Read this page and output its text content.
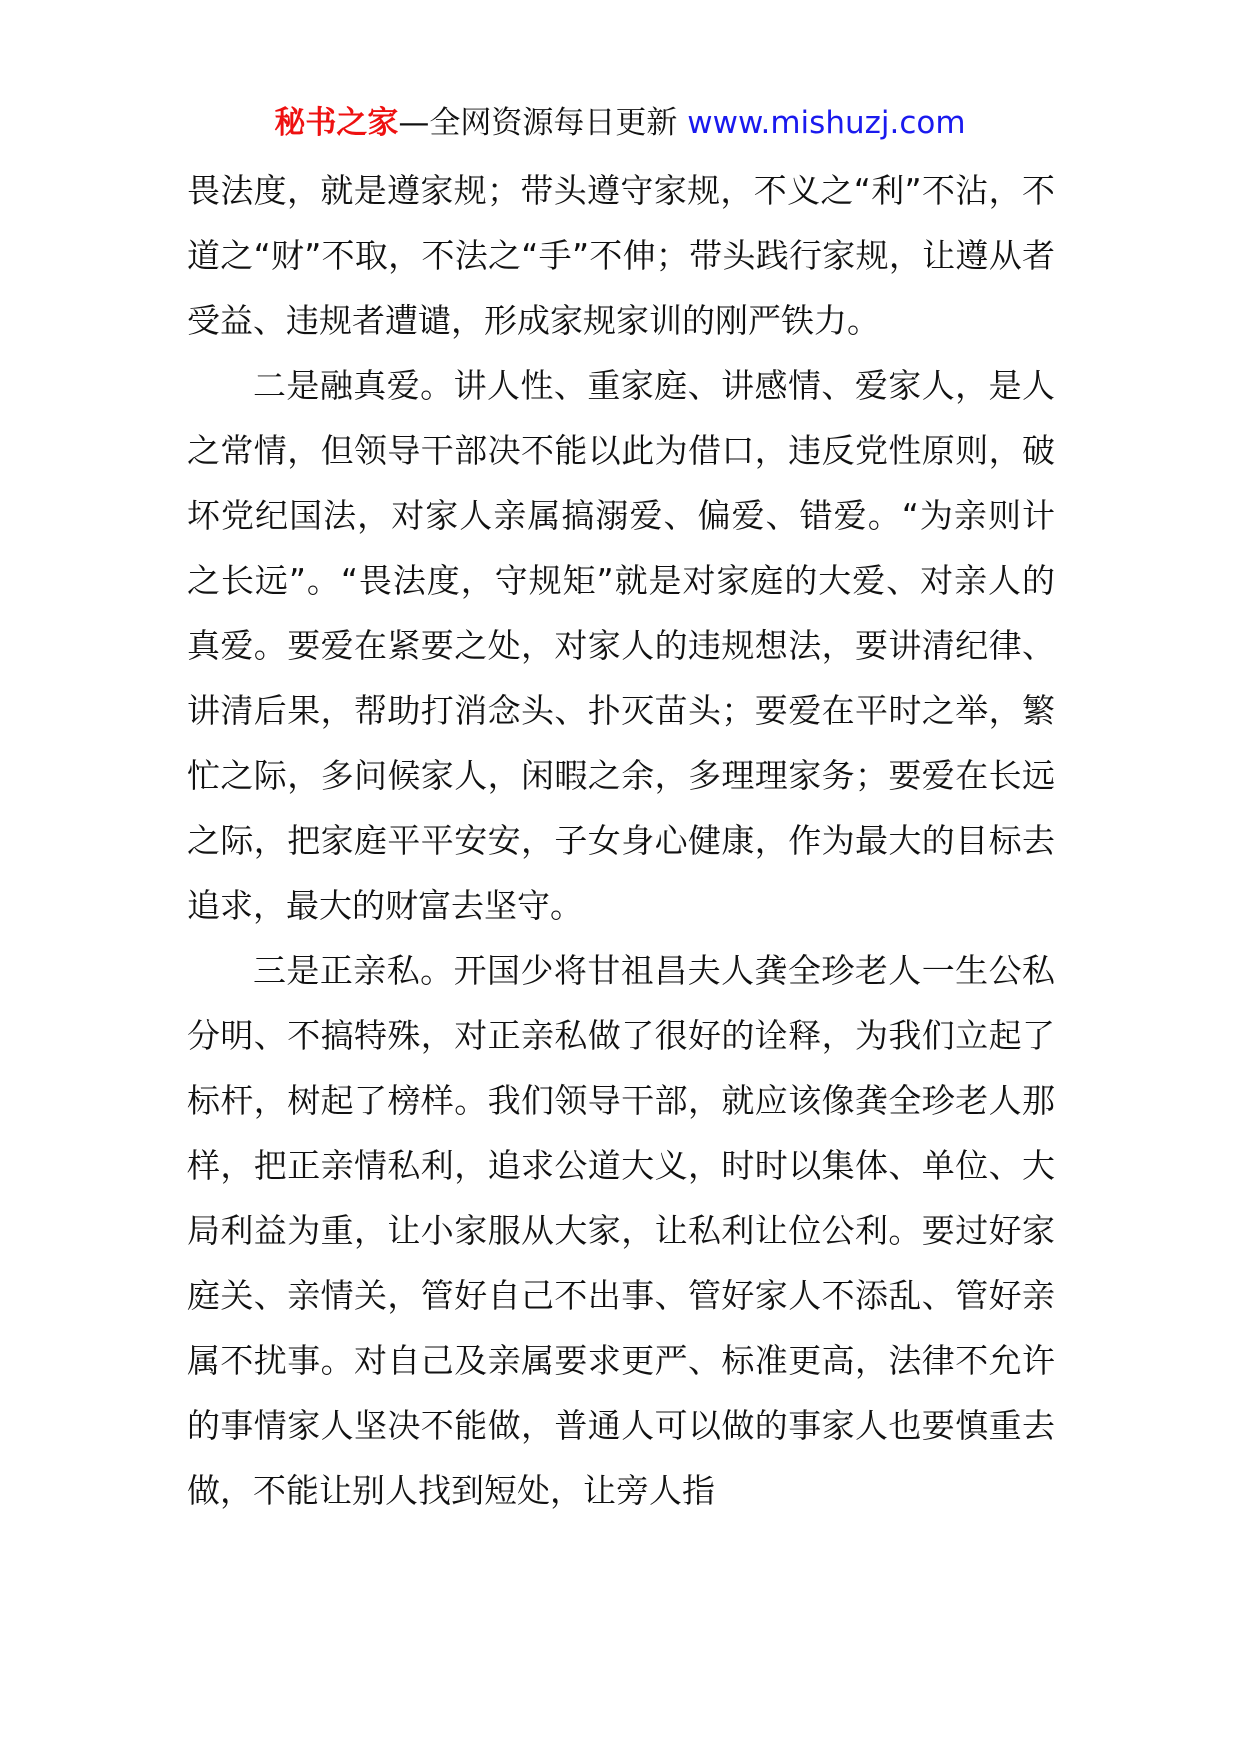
秘书之家—全网资源每日更新 www.mishuzj.com

畏法度，就是遵家规；带头遵守家规，不义之“利”不沾，不道之“财”不取，不法之“手”不伸；带头践行家规，让遵从者受益、违规者遭谴，形成家规家训的刚严铁力。

二是融真爱。讲人性、重家庭、讲感情、爱家人，是人之常情，但领导干部决不能以此为借口，违反党性原则，破坏党纪国法，对家人亲属搞溺爱、偏爱、错爱。“为亲则计之长远”。“畏法度，守规矩”就是对家庭的大爱、对亲人的真爱。要爱在紧要之处，对家人的违规想法，要讲清纪律、讲清后果，帮助打消念头、扑灭苗头；要爱在平时之举，繁忙之际，多问候家人，闲暇之余，多理理家务；要爱在长远之际，把家庭平平安安，子女身心健康，作为最大的目标去追求，最大的财富去坚守。

三是正亲私。开国少将甘祖昌夫人龚全珍老人一生公私分明、不搞特殊，对正亲私做了很好的诠释，为我们立起了标杆，树起了榜样。我们领导干部，就应该像龚全珍老人那样，把正亲情私利，追求公道大义，时时以集体、单位、大局利益为重，让小家服从大家，让私利让位公利。要过好家庭关、亲情关，管好自己不出事、管好家人不添乱、管好亲属不扰事。对自己及亲属要求更严、标准更高，法律不允许的事情家人坚决不能做，普通人可以做的事家人也要慎重去做，不能让别人找到短处，让旁人指
